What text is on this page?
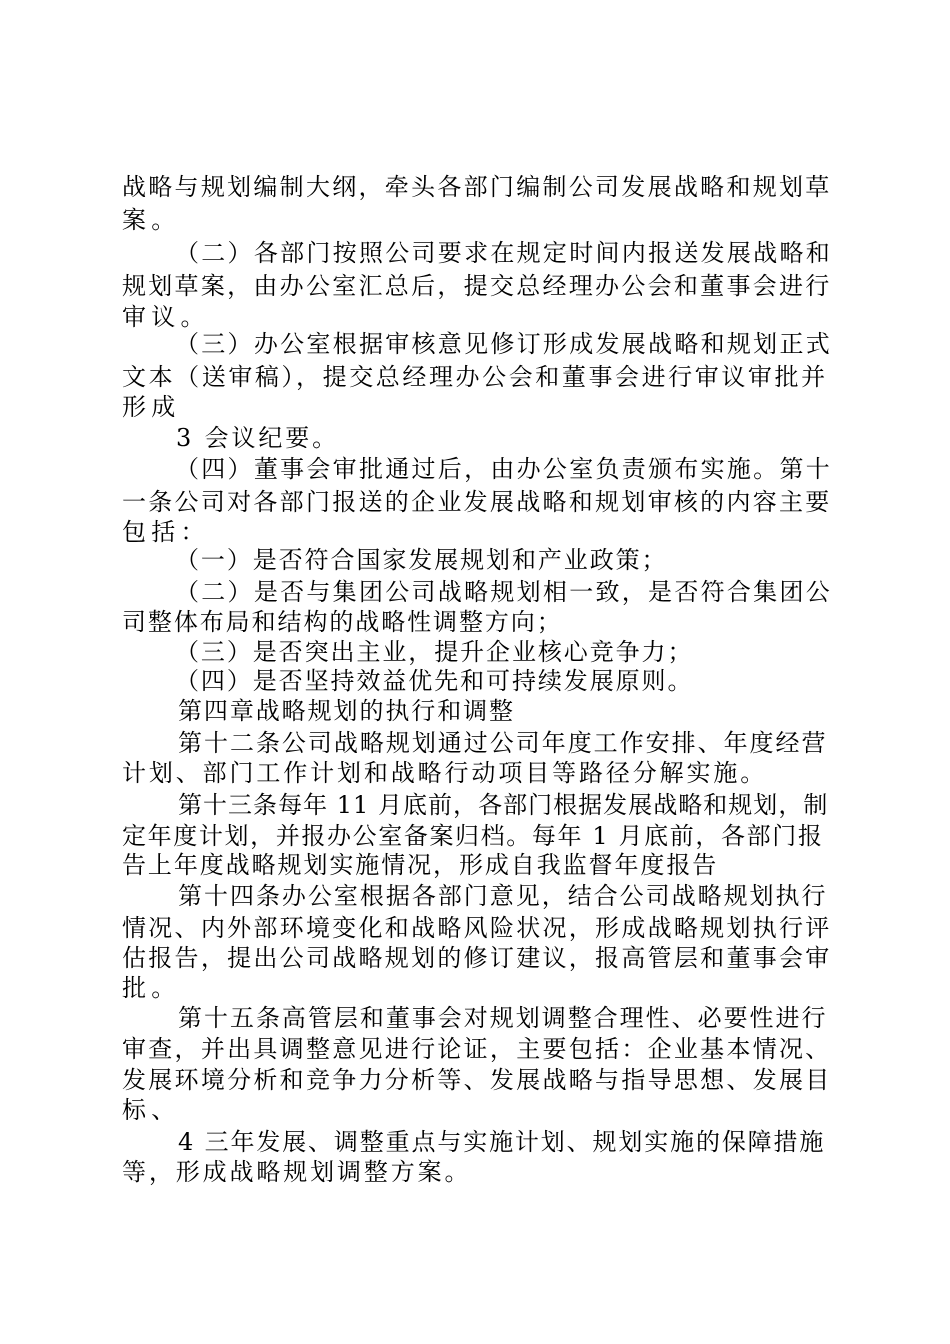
战略与规划编制大纲，牵头各部门编制公司发展战略和规划草
案。
（二）各部门按照公司要求在规定时间内报送发展战略和
规划草案，由办公室汇总后，提交总经理办公会和董事会进行
审议。
（三）办公室根据审核意见修订形成发展战略和规划正式
文本（送审稿），提交总经理办公会和董事会进行审议审批并
形成
3 会议纪要。
（四）董事会审批通过后，由办公室负责颁布实施。第十
一条公司对各部门报送的企业发展战略和规划审核的内容主要
包括：
（一）是否符合国家发展规划和产业政策；
（二）是否与集团公司战略规划相一致，是否符合集团公
司整体布局和结构的战略性调整方向；
（三）是否突出主业，提升企业核心竞争力；
（四）是否坚持效益优先和可持续发展原则。
第四章战略规划的执行和调整
第十二条公司战略规划通过公司年度工作安排、年度经营
计划、部门工作计划和战略行动项目等路径分解实施。
第十三条每年 11 月底前，各部门根据发展战略和规划，制
定年度计划，并报办公室备案归档。每年 1 月底前，各部门报
告上年度战略规划实施情况，形成自我监督年度报告
第十四条办公室根据各部门意见，结合公司战略规划执行
情况、内外部环境变化和战略风险状况，形成战略规划执行评
估报告，提出公司战略规划的修订建议，报高管层和董事会审
批。
第十五条高管层和董事会对规划调整合理性、必要性进行
审查，并出具调整意见进行论证，主要包括：企业基本情况、
发展环境分析和竞争力分析等、发展战略与指导思想、发展目
标、
4 三年发展、调整重点与实施计划、规划实施的保障措施
等，形成战略规划调整方案。
